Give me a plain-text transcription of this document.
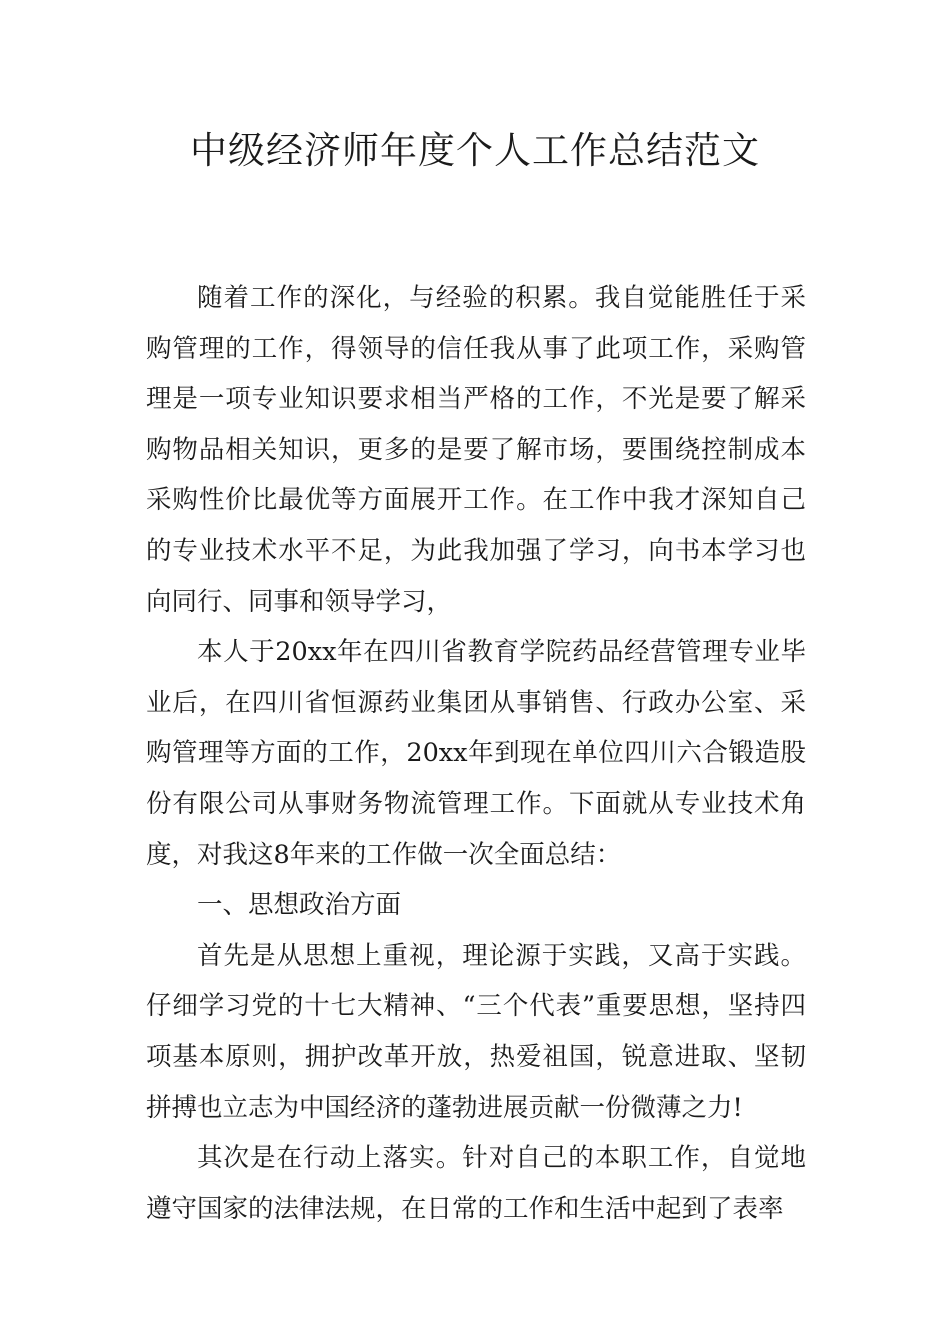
中级经济师年度个人工作总结范文

随着工作的深化，与经验的积累。我自觉能胜任于采购管理的工作，得领导的信任我从事了此项工作，采购管理是一项专业知识要求相当严格的工作，不光是要了解采购物品相关知识，更多的是要了解市场，要围绕控制成本采购性价比最优等方面展开工作。在工作中我才深知自己的专业技术水平不足，为此我加强了学习，向书本学习也向同行、同事和领导学习，

本人于20xx年在四川省教育学院药品经营管理专业毕业后，在四川省恒源药业集团从事销售、行政办公室、采购管理等方面的工作，20xx年到现在单位四川六合锻造股份有限公司从事财务物流管理工作。下面就从专业技术角度，对我这8年来的工作做一次全面总结：

一、思想政治方面

首先是从思想上重视，理论源于实践，又高于实践。仔细学习党的十七大精神、“三个代表”重要思想，坚持四项基本原则，拥护改革开放，热爱祖国，锐意进取、坚韧拼搏也立志为中国经济的蓬勃进展贡献一份微薄之力!

其次是在行动上落实。针对自己的本职工作，自觉地遵守国家的法律法规，在日常的工作和生活中起到了表率
